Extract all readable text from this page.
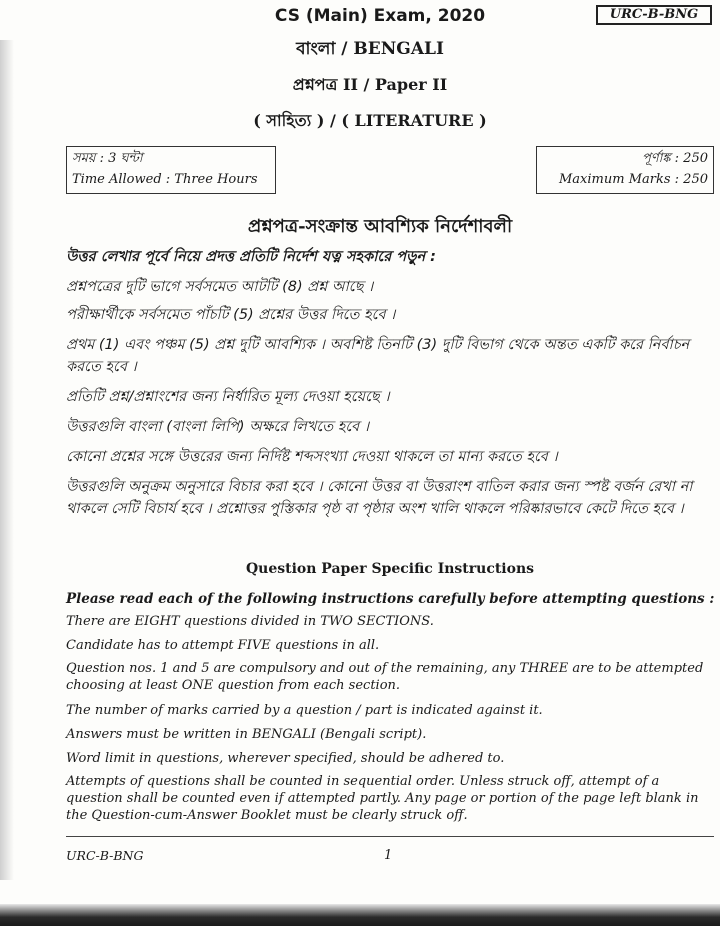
CS (Main) Exam, 2020	URC-B-BNG
বাংলা / BENGALI
প্রশ্নপত্র II / Paper II
( সাহিত্য ) / ( LITERATURE )
সময় : 3 ঘন্টা
Time Allowed : Three Hours
পূর্ণাঙ্ক : 250
Maximum Marks : 250
প্রশ্নপত্র-সংক্রান্ত আবশ্যিক নির্দেশাবলী
উত্তর লেখার পূর্বে নিয়ে প্রদত্ত প্রতিটি নির্দেশ যত্ন সহকারে পড়ুন :
প্রশ্নপত্রের দুটি ভাগে সর্বসমেত আটটি (8) প্রশ্ন আছে ।
পরীক্ষার্থীকে সর্বসমেত পাঁচটি (5) প্রশ্নের উত্তর দিতে হবে ।
প্রথম (1) এবং পঞ্চম (5) প্রশ্ন দুটি আবশ্যিক । অবশিষ্ট তিনটি (3) দুটি বিভাগ থেকে অন্তত একটি করে নির্বাচন করতে হবে ।
প্রতিটি প্রশ্ন/প্রশ্নাংশের জন্য নির্ধারিত মূল্য দেওয়া হয়েছে ।
উত্তরগুলি বাংলা (বাংলা লিপি) অক্ষরে লিখতে হবে ।
কোনো প্রশ্নের সঙ্গে উত্তরের জন্য নির্দিষ্ট শব্দসংখ্যা দেওয়া থাকলে তা মান্য করতে হবে ।
উত্তরগুলি অনুক্রম অনুসারে বিচার করা হবে । কোনো উত্তর বা উত্তরাংশ বাতিল করার জন্য স্পষ্ট বর্জন রেখা না থাকলে সেটি বিচার্য হবে । প্রশ্নোত্তর পুস্তিকার পৃষ্ঠ বা পৃষ্ঠার অংশ খালি থাকলে পরিষ্কারভাবে কেটে দিতে হবে ।
Question Paper Specific Instructions
Please read each of the following instructions carefully before attempting questions :
There are EIGHT questions divided in TWO SECTIONS.
Candidate has to attempt FIVE questions in all.
Question nos. 1 and 5 are compulsory and out of the remaining, any THREE are to be attempted choosing at least ONE question from each section.
The number of marks carried by a question / part is indicated against it.
Answers must be written in BENGALI (Bengali script).
Word limit in questions, wherever specified, should be adhered to.
Attempts of questions shall be counted in sequential order. Unless struck off, attempt of a question shall be counted even if attempted partly. Any page or portion of the page left blank in the Question-cum-Answer Booklet must be clearly struck off.
URC-B-BNG	1
